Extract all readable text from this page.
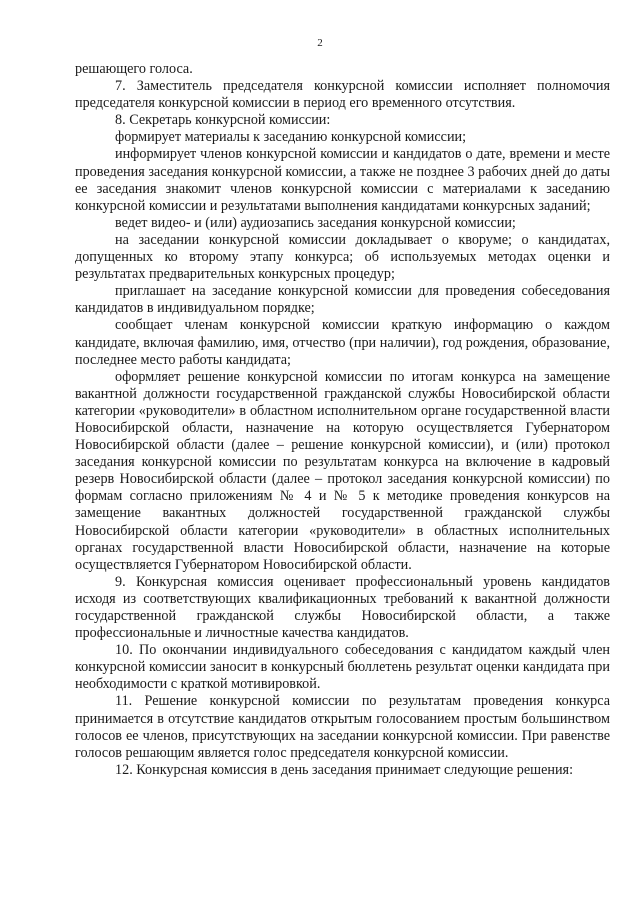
2

решающего голоса.

7. Заместитель председателя конкурсной комиссии исполняет полномочия председателя конкурсной комиссии в период его временного отсутствия.

8. Секретарь конкурсной комиссии:

формирует материалы к заседанию конкурсной комиссии;

информирует членов конкурсной комиссии и кандидатов о дате, времени и месте проведения заседания конкурсной комиссии, а также не позднее 3 рабочих дней до даты ее заседания знакомит членов конкурсной комиссии с материалами к заседанию конкурсной комиссии и результатами выполнения кандидатами конкурсных заданий;

ведет видео- и (или) аудиозапись заседания конкурсной комиссии;

на заседании конкурсной комиссии докладывает о кворуме; о кандидатах, допущенных ко второму этапу конкурса; об используемых методах оценки и результатах предварительных конкурсных процедур;

приглашает на заседание конкурсной комиссии для проведения собеседования кандидатов в индивидуальном порядке;

сообщает членам конкурсной комиссии краткую информацию о каждом кандидате, включая фамилию, имя, отчество (при наличии), год рождения, образование, последнее место работы кандидата;

оформляет решение конкурсной комиссии по итогам конкурса на замещение вакантной должности государственной гражданской службы Новосибирской области категории «руководители» в областном исполнительном органе государственной власти Новосибирской области, назначение на которую осуществляется Губернатором Новосибирской области (далее – решение конкурсной комиссии), и (или) протокол заседания конкурсной комиссии по результатам конкурса на включение в кадровый резерв Новосибирской области (далее – протокол заседания конкурсной комиссии) по формам согласно приложениям № 4 и № 5 к методике проведения конкурсов на замещение вакантных должностей государственной гражданской службы Новосибирской области категории «руководители» в областных исполнительных органах государственной власти Новосибирской области, назначение на которые осуществляется Губернатором Новосибирской области.

9. Конкурсная комиссия оценивает профессиональный уровень кандидатов исходя из соответствующих квалификационных требований к вакантной должности государственной гражданской службы Новосибирской области, а также профессиональные и личностные качества кандидатов.

10. По окончании индивидуального собеседования с кандидатом каждый член конкурсной комиссии заносит в конкурсный бюллетень результат оценки кандидата при необходимости с краткой мотивировкой.

11. Решение конкурсной комиссии по результатам проведения конкурса принимается в отсутствие кандидатов открытым голосованием простым большинством голосов ее членов, присутствующих на заседании конкурсной комиссии. При равенстве голосов решающим является голос председателя конкурсной комиссии.

12. Конкурсная комиссия в день заседания принимает следующие решения:
